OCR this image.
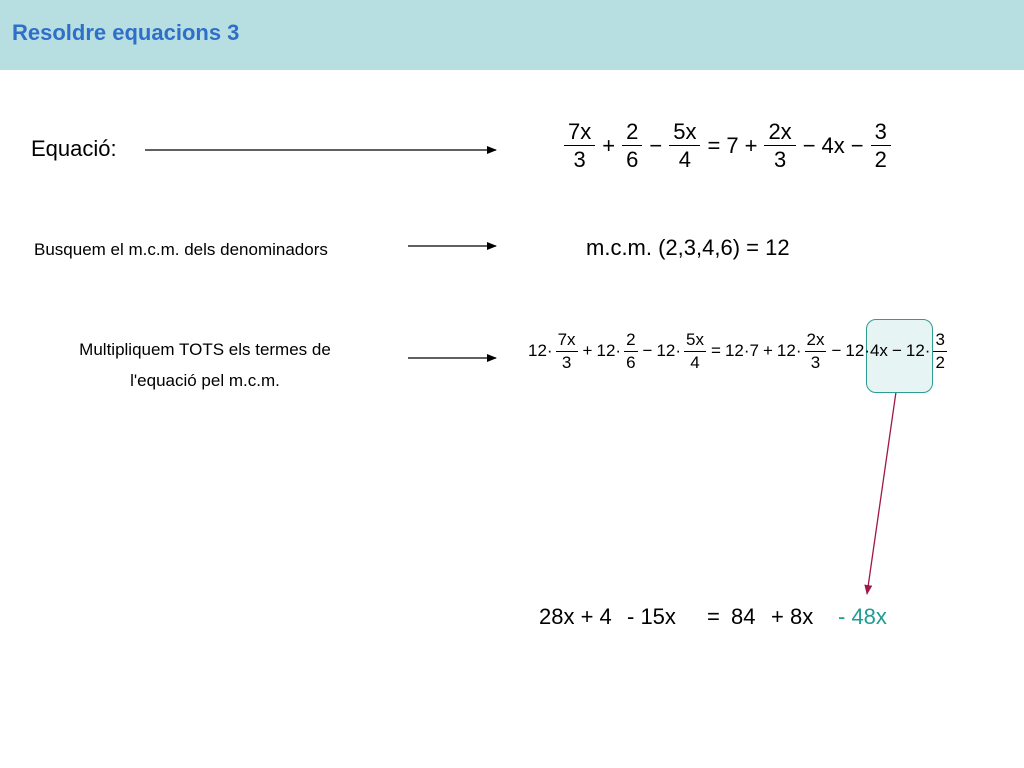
Resoldre equacions 3
Equació:
Busquem el m.c.m. dels denominadors
Multipliquem TOTS els termes de
l'equació pel m.c.m.
$\frac{7x}{3} + \frac{2}{6} - \frac{5x}{4} = 7 + \frac{2x}{3} - 4x - \frac{3}{2}$
m.c.m. (2,3,4,6) = 12
$12\cdot \frac{7x}{3} + 12\cdot \frac{2}{6} - 12\cdot \frac{5x}{4} = 12\cdot 7 + 12\cdot \frac{2x}{3} - 12\cdot 4x - 12\cdot \frac{3}{2}$
28x + 4 - 15x = 84 + 8x - 48x
